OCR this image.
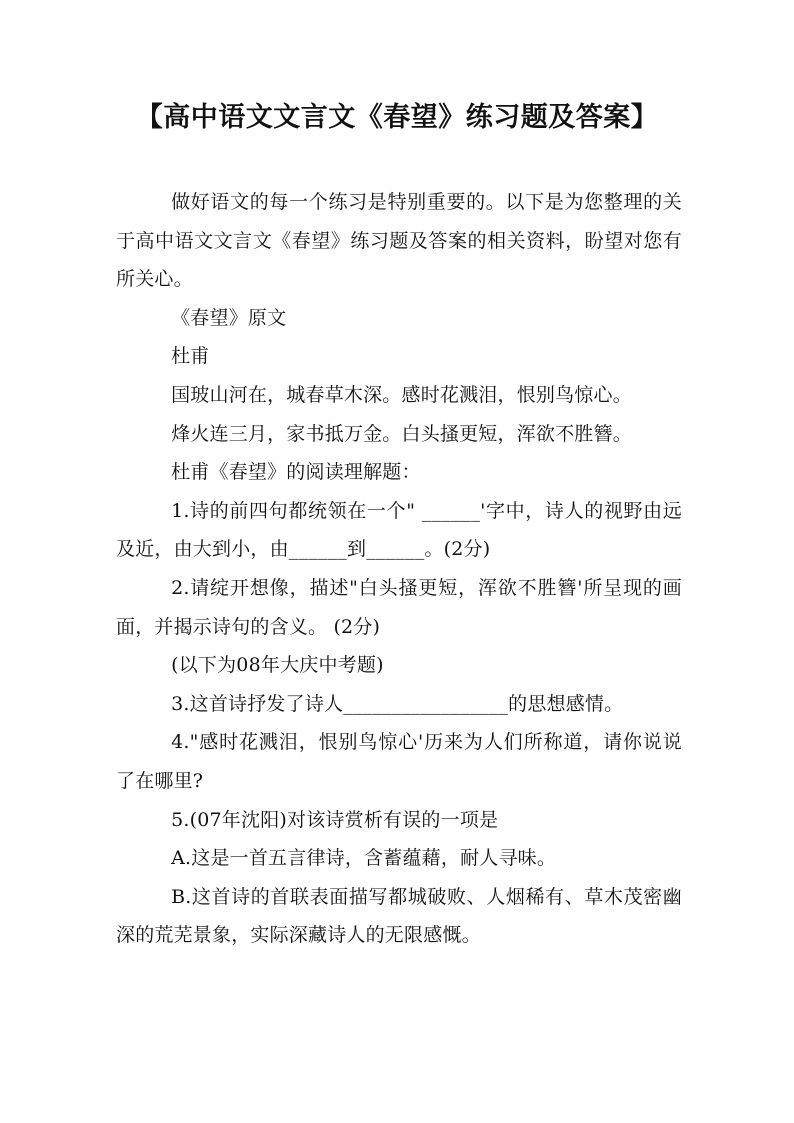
【高中语文文言文《春望》练习题及答案】

做好语文的每一个练习是特别重要的。以下是为您整理的关于高中语文文言文《春望》练习题及答案的相关资料，盼望对您有所关心。

《春望》原文

杜甫

国玻山河在，城春草木深。感时花溅泪，恨别鸟惊心。

烽火连三月，家书抵万金。白头搔更短，浑欲不胜簪。

杜甫《春望》的阅读理解题：

1.诗的前四句都统领在一个" ______'字中，诗人的视野由远及近，由大到小，由______到______。(2分)

2.请绽开想像，描述"白头搔更短，浑欲不胜簪'所呈现的画面，并揭示诗句的含义。 (2分)

(以下为08年大庆中考题)

3.这首诗抒发了诗人_________________的思想感情。

4."感时花溅泪，恨别鸟惊心'历来为人们所称道，请你说说了在哪里?

5.(07年沈阳)对该诗赏析有误的一项是

A.这是一首五言律诗，含蓄蕴藉，耐人寻味。

B.这首诗的首联表面描写都城破败、人烟稀有、草木茂密幽深的荒芜景象，实际深藏诗人的无限感慨。
